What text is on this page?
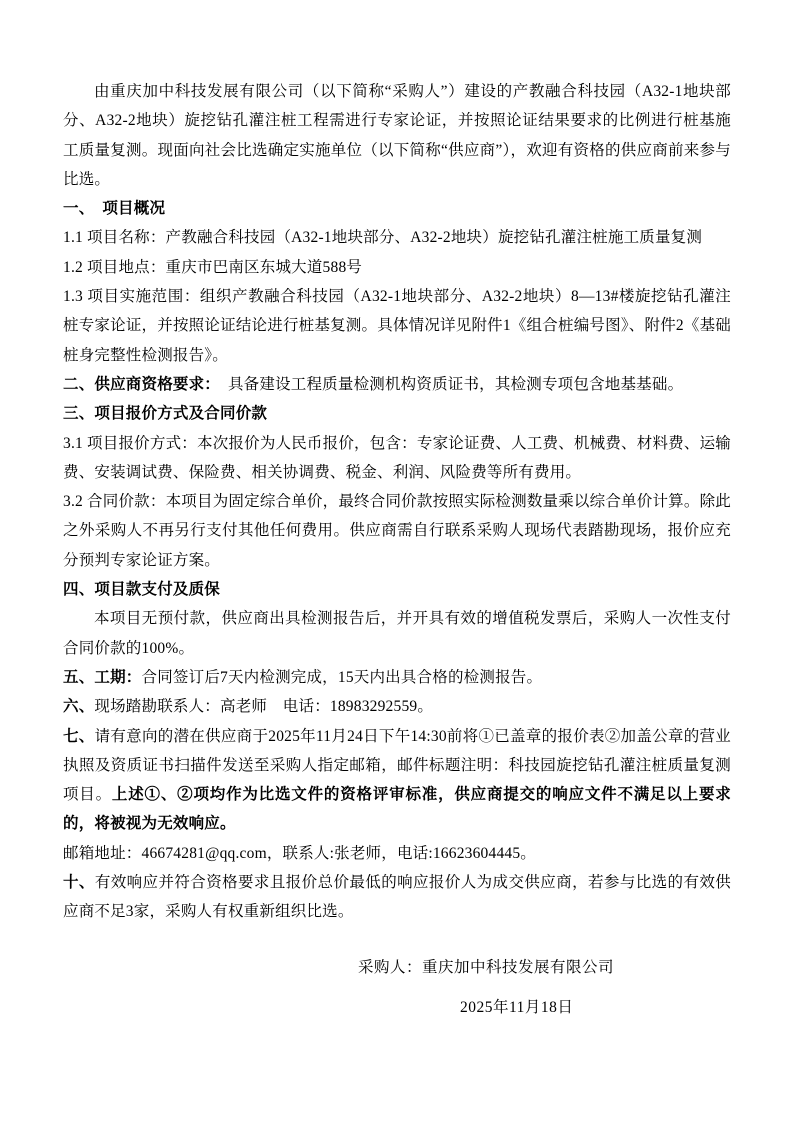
由重庆加中科技发展有限公司（以下简称“采购人”）建设的产教融合科技园（A32-1地块部分、A32-2地块）旋挖钻孔灌注桩工程需进行专家论证，并按照论证结果要求的比例进行桩基施工质量复测。现面向社会比选确定实施单位（以下简称“供应商”），欢迎有资格的供应商前来参与比选。

一、　项目概况

1.1 项目名称：产教融合科技园（A32-1地块部分、A32-2地块）旋挖钻孔灌注桩施工质量复测

1.2 项目地点：重庆市巴南区东城大道588号

1.3 项目实施范围：组织产教融合科技园（A32-1地块部分、A32-2地块）8—13#楼旋挖钻孔灌注桩专家论证，并按照论证结论进行桩基复测。具体情况详见附件1《组合桩编号图》、附件2《基础桩身完整性检测报告》。

二、供应商资格要求：　具备建设工程质量检测机构资质证书，其检测专项包含地基基础。

三、项目报价方式及合同价款

3.1 项目报价方式：本次报价为人民币报价，包含：专家论证费、人工费、机械费、材料费、运输费、安装调试费、保险费、相关协调费、税金、利润、风险费等所有费用。

3.2 合同价款：本项目为固定综合单价，最终合同价款按照实际检测数量乘以综合单价计算。除此之外采购人不再另行支付其他任何费用。供应商需自行联系采购人现场代表踏勘现场，报价应充分预判专家论证方案。

四、项目款支付及质保

本项目无预付款，供应商出具检测报告后，并开具有效的增值税发票后，采购人一次性支付合同价款的100%。

五、工期：合同签订后7天内检测完成，15天内出具合格的检测报告。

六、现场踏勘联系人：高老师　电话：18983292559。

七、请有意向的潜在供应商于2025年11月24日下午14:30前将①已盖章的报价表②加盖公章的营业执照及资质证书扫描件发送至采购人指定邮箱，邮件标题注明：科技园旋挖钻孔灌注桩质量复测项目。上述①、②项均作为比选文件的资格评审标准，供应商提交的响应文件不满足以上要求的，将被视为无效响应。

邮箱地址：46674281@qq.com，联系人:张老师，电话:16623604445。

十、有效响应并符合资格要求且报价总价最低的响应报价人为成交供应商，若参与比选的有效供应商不足3家，采购人有权重新组织比选。

采购人：重庆加中科技发展有限公司

2025年11月18日
